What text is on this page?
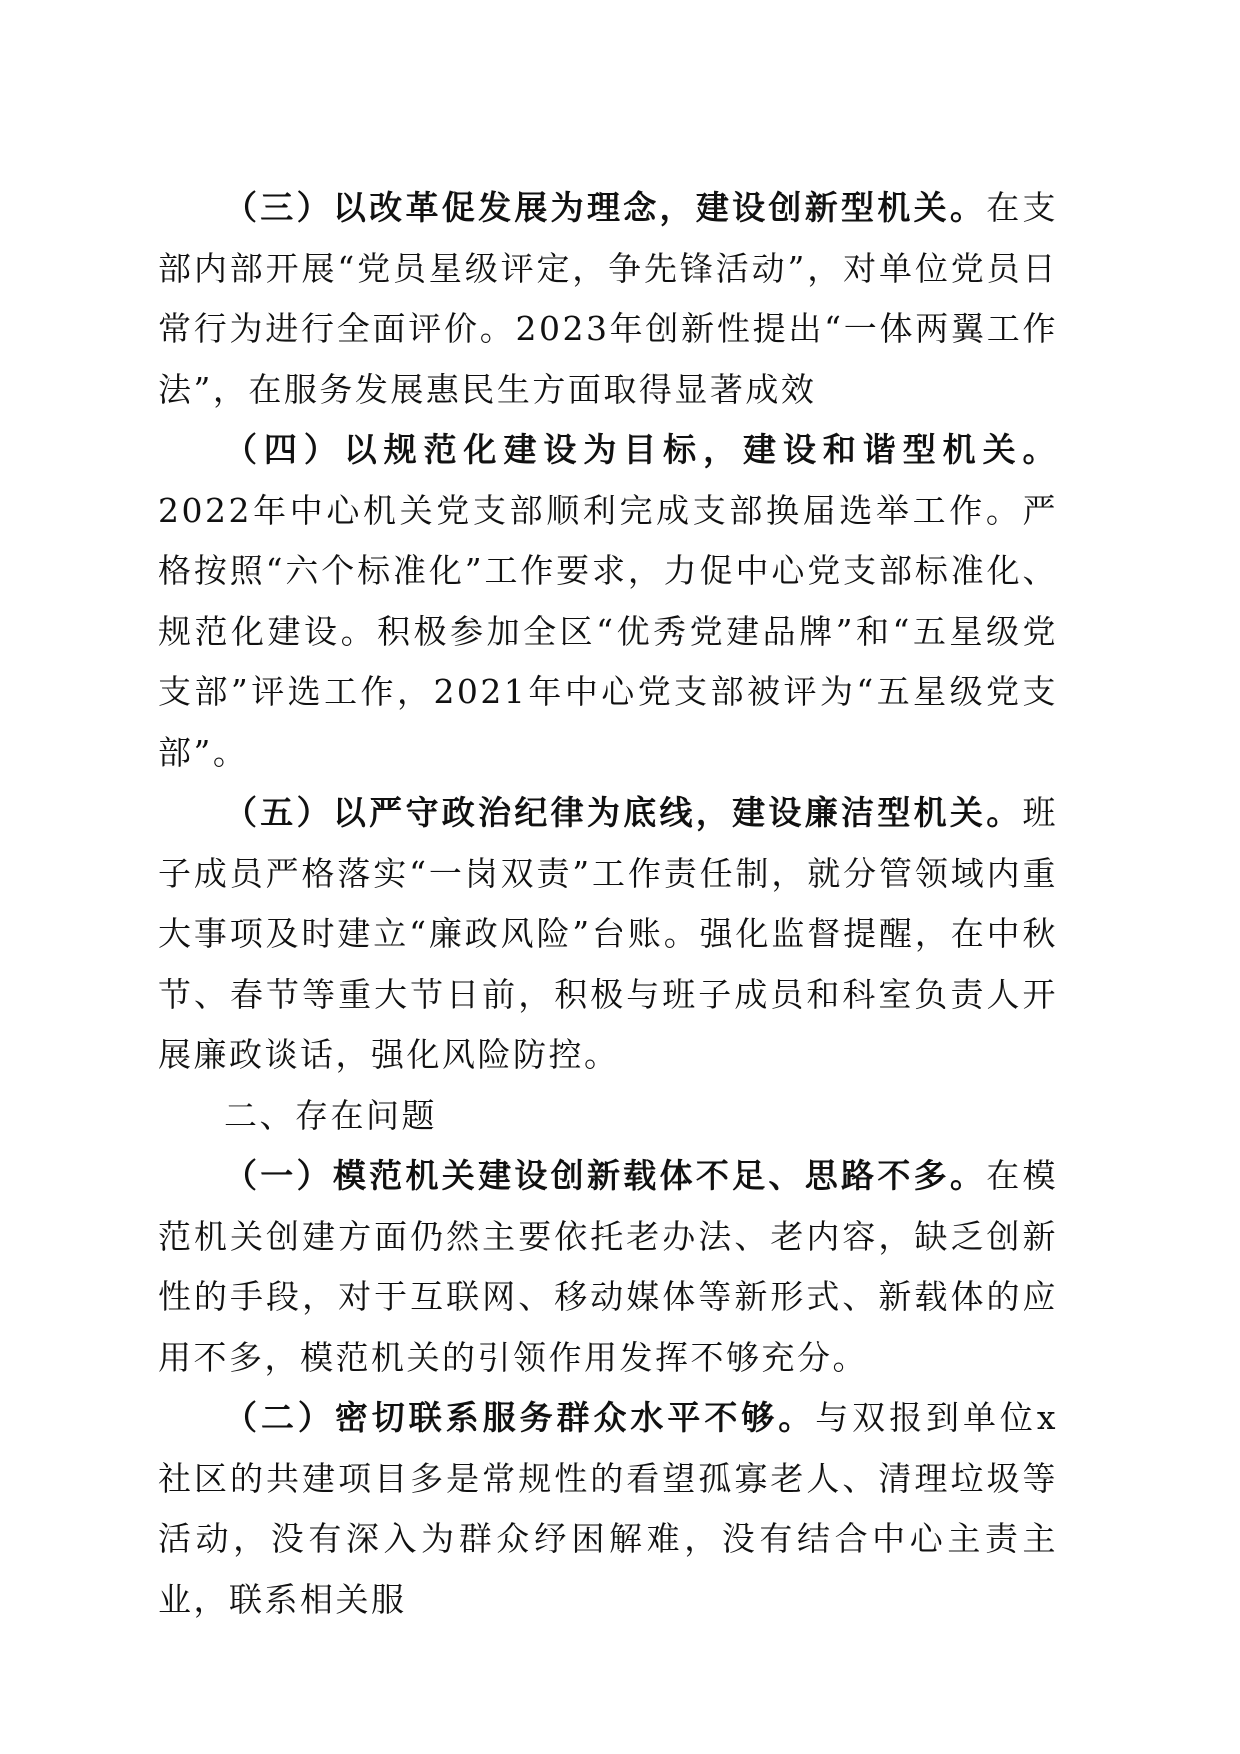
（三）以改革促发展为理念，建设创新型机关。在支部内部开展“党员星级评定，争先锋活动”，对单位党员日常行为进行全面评价。2023年创新性提出“一体两翼工作法”，在服务发展惠民生方面取得显著成效

（四）以规范化建设为目标，建设和谐型机关。2022年中心机关党支部顺利完成支部换届选举工作。严格按照“六个标准化”工作要求，力促中心党支部标准化、规范化建设。积极参加全区“优秀党建品牌”和“五星级党支部”评选工作，2021年中心党支部被评为“五星级党支部”。

（五）以严守政治纪律为底线，建设廉洁型机关。班子成员严格落实“一岗双责”工作责任制，就分管领域内重大事项及时建立“廉政风险”台账。强化监督提醒，在中秋节、春节等重大节日前，积极与班子成员和科室负责人开展廉政谈话，强化风险防控。

二、存在问题

（一）模范机关建设创新载体不足、思路不多。在模范机关创建方面仍然主要依托老办法、老内容，缺乏创新性的手段，对于互联网、移动媒体等新形式、新载体的应用不多，模范机关的引领作用发挥不够充分。

（二）密切联系服务群众水平不够。与双报到单位x社区的共建项目多是常规性的看望孤寡老人、清理垃圾等活动，没有深入为群众纾困解难，没有结合中心主责主业，联系相关服
